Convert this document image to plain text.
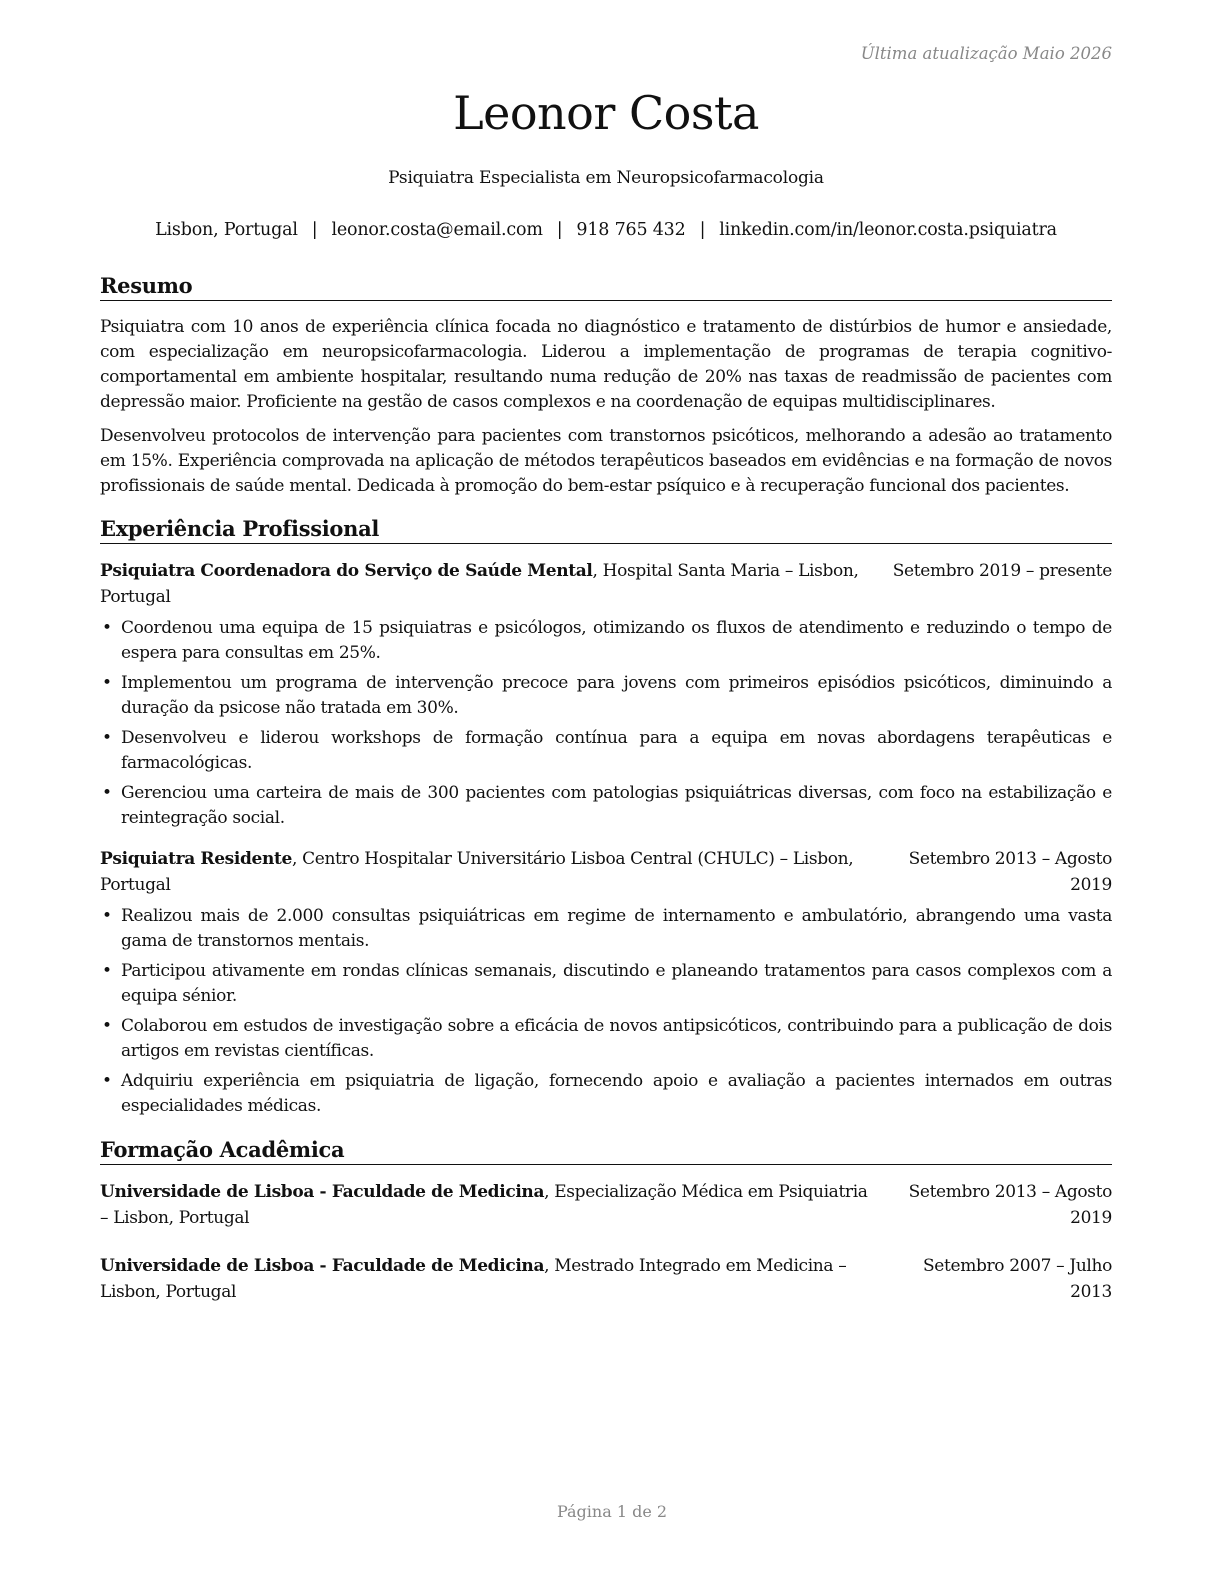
Última atualização Maio 2026
Leonor Costa
Psiquiatra Especialista em Neuropsicofarmacologia
Lisbon, Portugal | leonor.costa@email.com | 918 765 432 | linkedin.com/in/leonor.costa.psiquiatra
Resumo

Psiquiatra com 10 anos de experiência clínica focada no diagnóstico e tratamento de distúrbios de humor e ansiedade, com especialização em neuropsicofarmacologia. Liderou a implementação de programas de terapia cognitivo-comportamental em ambiente hospitalar, resultando numa redução de 20% nas taxas de readmissão de pacientes com depressão maior. Proficiente na gestão de casos complexos e na coordenação de equipas multidisciplinares.

Desenvolveu protocolos de intervenção para pacientes com transtornos psicóticos, melhorando a adesão ao tratamento em 15%. Experiência comprovada na aplicação de métodos terapêuticos baseados em evidências e na formação de novos profissionais de saúde mental. Dedicada à promoção do bem-estar psíquico e à recuperação funcional dos pacientes.

Experiência Profissional
Psiquiatra Coordenadora do Serviço de Saúde Mental, Hospital Santa Maria – Lisbon, Portugal
Setembro 2019 – presente
• Coordenou uma equipa de 15 psiquiatras e psicólogos, otimizando os fluxos de atendimento e reduzindo o tempo de espera para consultas em 25%.
• Implementou um programa de intervenção precoce para jovens com primeiros episódios psicóticos, diminuindo a duração da psicose não tratada em 30%.
• Desenvolveu e liderou workshops de formação contínua para a equipa em novas abordagens terapêuticas e farmacológicas.
• Gerenciou uma carteira de mais de 300 pacientes com patologias psiquiátricas diversas, com foco na estabilização e reintegração social.
Psiquiatra Residente, Centro Hospitalar Universitário Lisboa Central (CHULC) – Lisbon, Portugal
Setembro 2013 – Agosto 2019
• Realizou mais de 2.000 consultas psiquiátricas em regime de internamento e ambulatório, abrangendo uma vasta gama de transtornos mentais.
• Participou ativamente em rondas clínicas semanais, discutindo e planeando tratamentos para casos complexos com a equipa sénior.
• Colaborou em estudos de investigação sobre a eficácia de novos antipsicóticos, contribuindo para a publicação de dois artigos em revistas científicas.
• Adquiriu experiência em psiquiatria de ligação, fornecendo apoio e avaliação a pacientes internados em outras especialidades médicas.
Formação Acadêmica
Universidade de Lisboa - Faculdade de Medicina, Especialização Médica em Psiquiatria – Lisbon, Portugal
Setembro 2013 – Agosto 2019
Universidade de Lisboa - Faculdade de Medicina, Mestrado Integrado em Medicina – Lisbon, Portugal
Setembro 2007 – Julho 2013
Página 1 de 2
